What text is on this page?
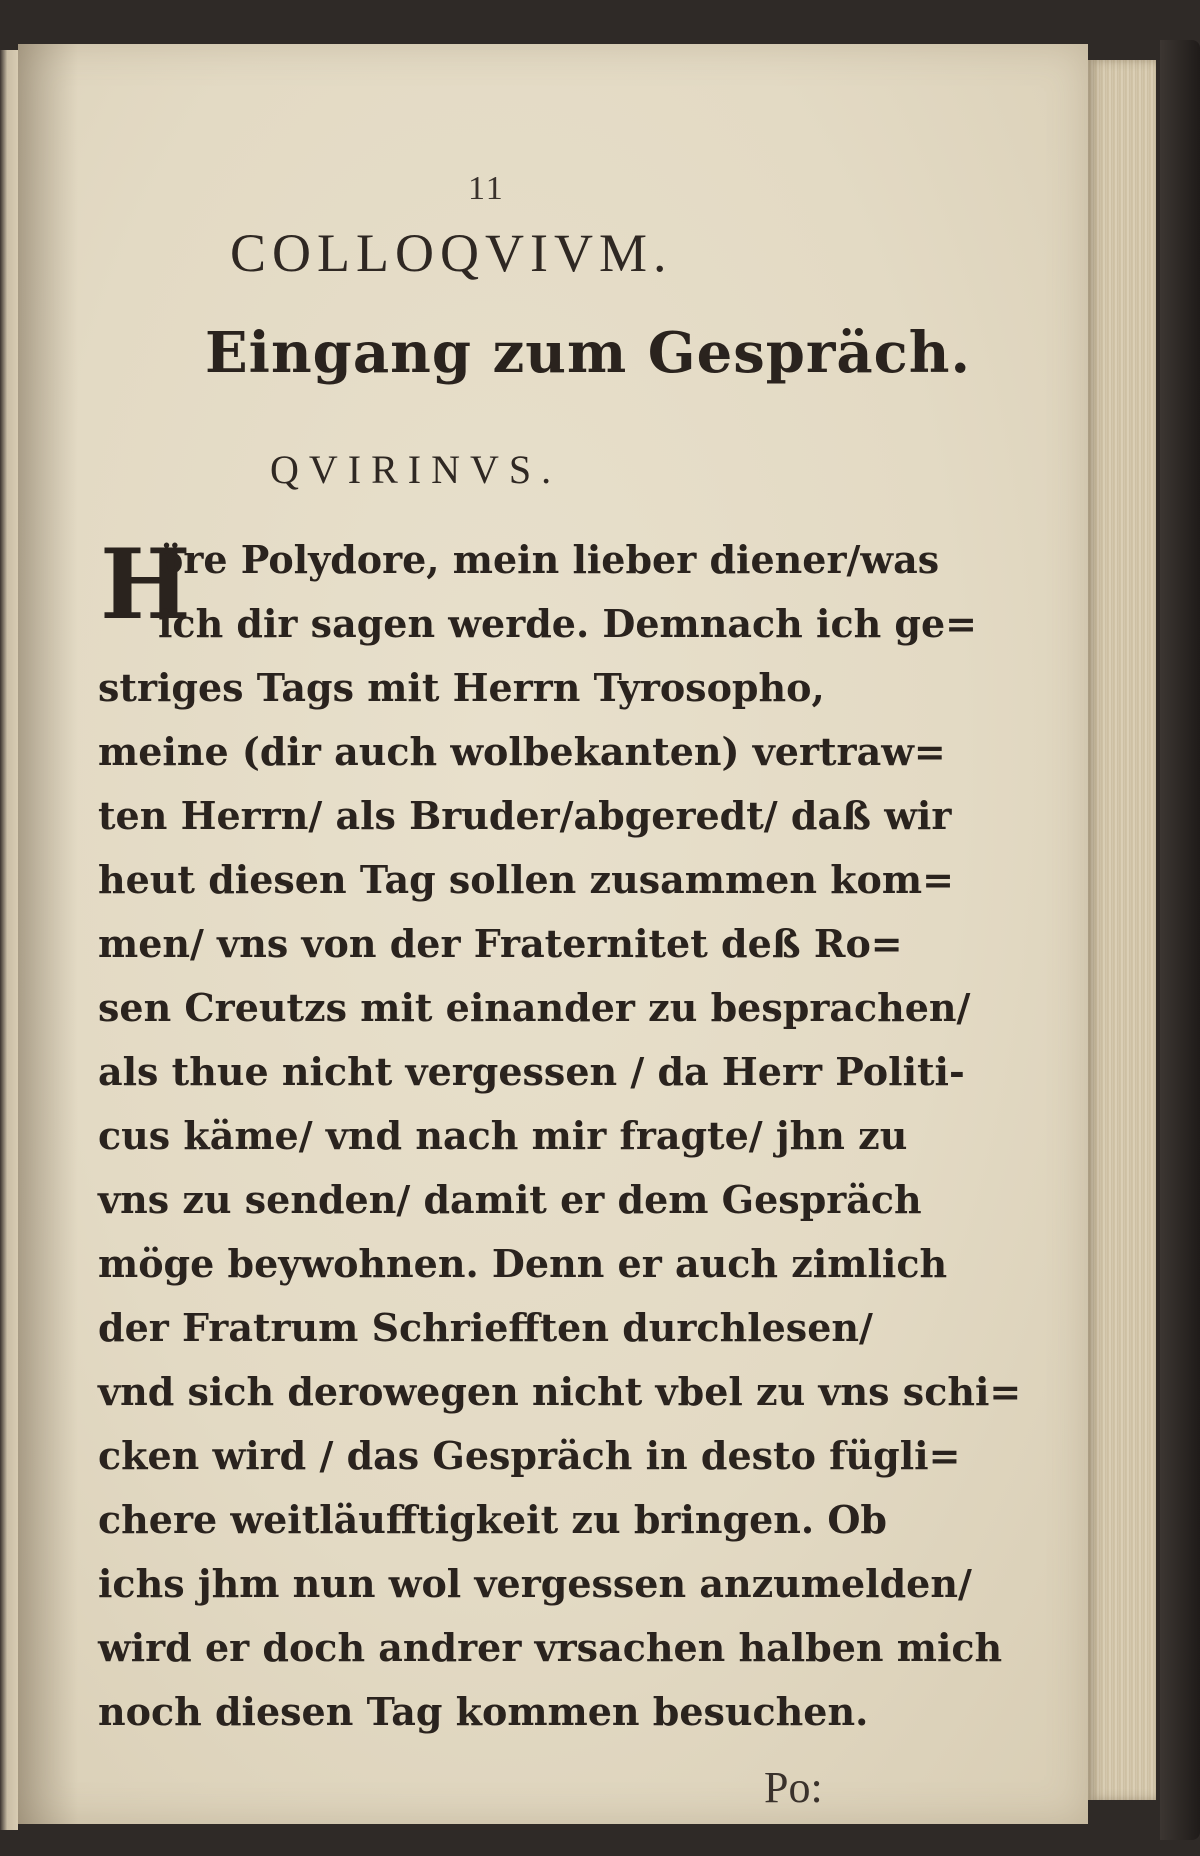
11
COLLOQVIVM.
Eingang zum Gespräch.
QVIRINVS.
H
öre Polydore, mein lieber diener/was
ich dir sagen werde. Demnach ich ge=
striges Tags mit Herrn Tyrosopho,
meine (dir auch wolbekanten) vertraw=
ten Herrn/ als Bruder/abgeredt/ daß wir
heut diesen Tag sollen zusammen kom=
men/ vns von der Fraternitet deß Ro=
sen Creutzs mit einander zu besprachen/
als thue nicht vergessen / da Herr Politi-
cus käme/ vnd nach mir fragte/ jhn zu
vns zu senden/ damit er dem Gespräch
möge beywohnen. Denn er auch zimlich
der Fratrum Schriefften durchlesen/
vnd sich derowegen nicht vbel zu vns schi=
cken wird / das Gespräch in desto fügli=
chere weitläufftigkeit zu bringen. Ob
ichs jhm nun wol vergessen anzumelden/
wird er doch andrer vrsachen halben mich
noch diesen Tag kommen besuchen.
Po:
